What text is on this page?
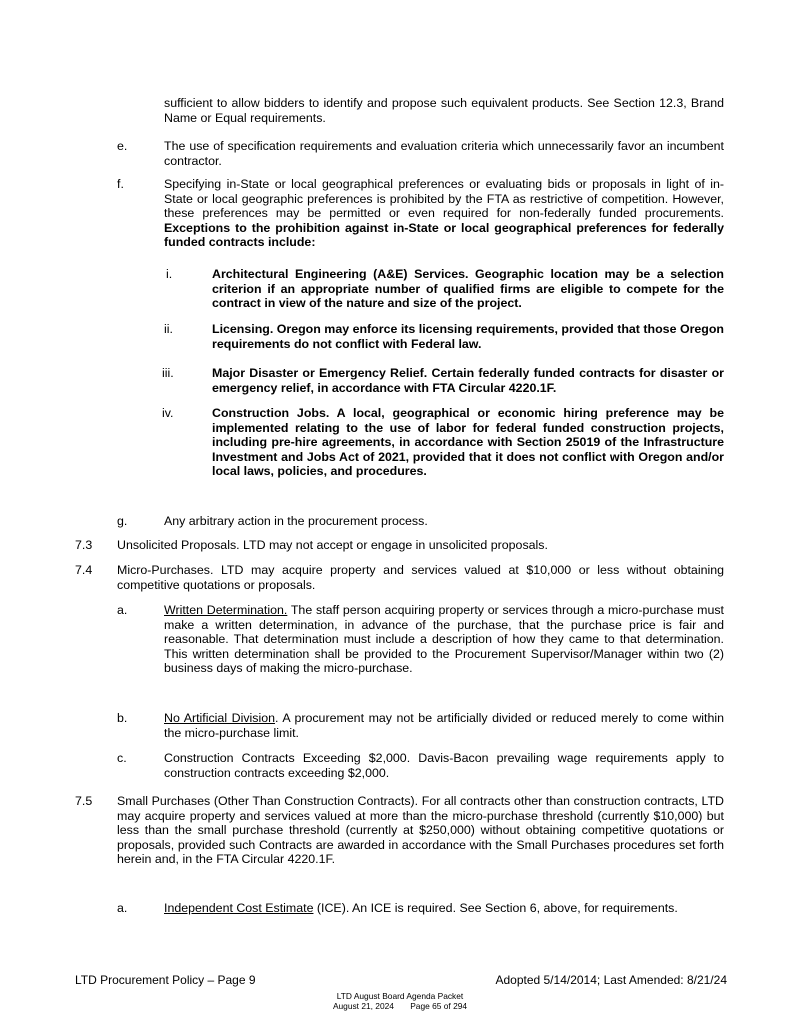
sufficient to allow bidders to identify and propose such equivalent products. See Section 12.3, Brand Name or Equal requirements.

e.	The use of specification requirements and evaluation criteria which unnecessarily favor an incumbent contractor.

f.	Specifying in-State or local geographical preferences or evaluating bids or proposals in light of in-State or local geographic preferences is prohibited by the FTA as restrictive of competition. However, these preferences may be permitted or even required for non-federally funded procurements. Exceptions to the prohibition against in-State or local geographical preferences for federally funded contracts include:

i.	Architectural Engineering (A&E) Services. Geographic location may be a selection criterion if an appropriate number of qualified firms are eligible to compete for the contract in view of the nature and size of the project.

ii.	Licensing. Oregon may enforce its licensing requirements, provided that those Oregon requirements do not conflict with Federal law.

iii.	Major Disaster or Emergency Relief. Certain federally funded contracts for disaster or emergency relief, in accordance with FTA Circular 4220.1F.

iv.	Construction Jobs. A local, geographical or economic hiring preference may be implemented relating to the use of labor for federal funded construction projects, including pre-hire agreements, in accordance with Section 25019 of the Infrastructure Investment and Jobs Act of 2021, provided that it does not conflict with Oregon and/or local laws, policies, and procedures.

g.	Any arbitrary action in the procurement process.

7.3 Unsolicited Proposals. LTD may not accept or engage in unsolicited proposals.

7.4 Micro-Purchases. LTD may acquire property and services valued at $10,000 or less without obtaining competitive quotations or proposals.

a.	Written Determination. The staff person acquiring property or services through a micro-purchase must make a written determination, in advance of the purchase, that the purchase price is fair and reasonable. That determination must include a description of how they came to that determination. This written determination shall be provided to the Procurement Supervisor/Manager within two (2) business days of making the micro-purchase.

b.	No Artificial Division. A procurement may not be artificially divided or reduced merely to come within the micro-purchase limit.

c.	Construction Contracts Exceeding $2,000. Davis-Bacon prevailing wage requirements apply to construction contracts exceeding $2,000.

7.5 Small Purchases (Other Than Construction Contracts). For all contracts other than construction contracts, LTD may acquire property and services valued at more than the micro-purchase threshold (currently $10,000) but less than the small purchase threshold (currently at $250,000) without obtaining competitive quotations or proposals, provided such Contracts are awarded in accordance with the Small Purchases procedures set forth herein and, in the FTA Circular 4220.1F.

a.	Independent Cost Estimate (ICE). An ICE is required. See Section 6, above, for requirements.

LTD Procurement Policy – Page 9	Adopted 5/14/2014; Last Amended: 8/21/24
LTD August Board Agenda Packet
August 21, 2024       Page 65 of 294
